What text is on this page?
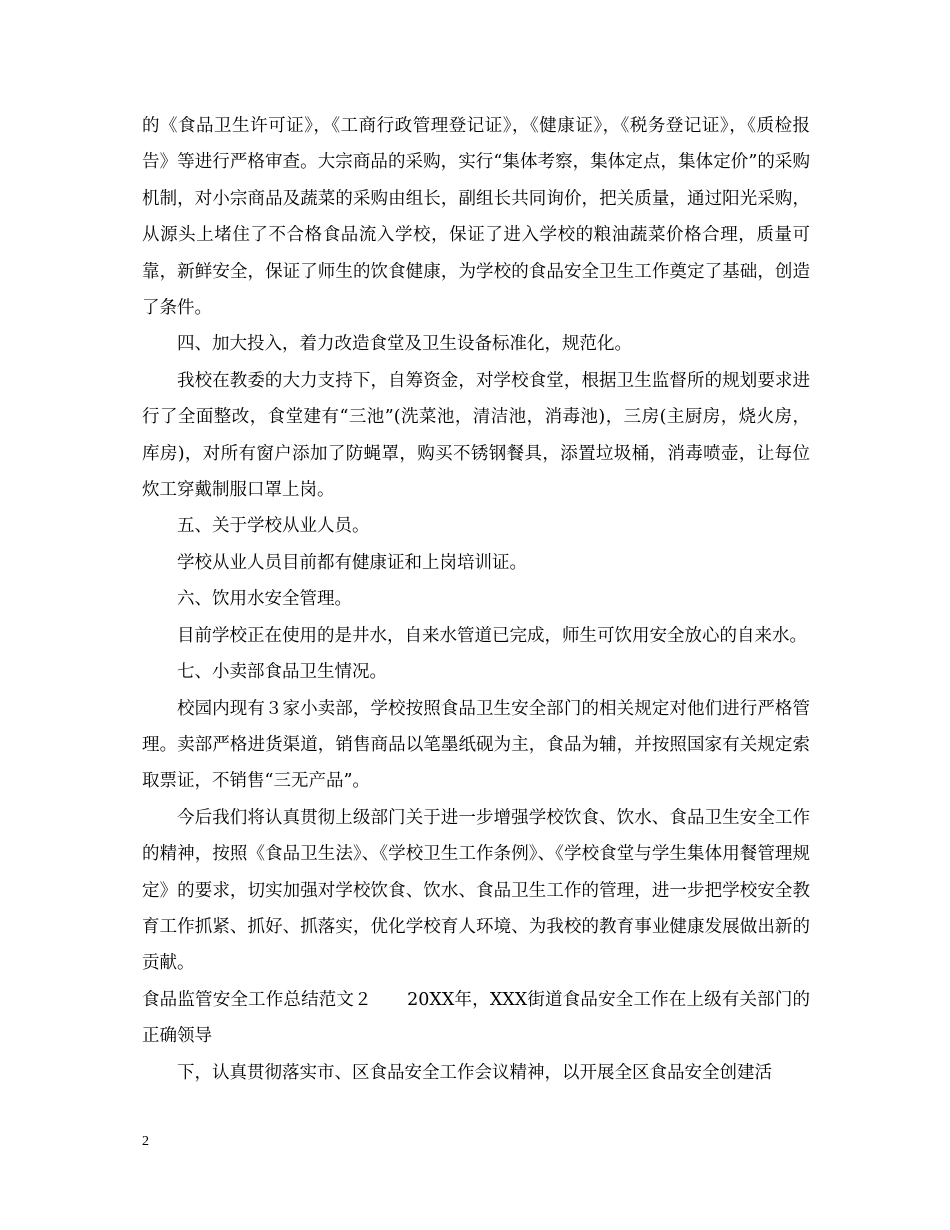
的《食品卫生许可证》，《工商行政管理登记证》，《健康证》，《税务登记证》，《质检报告》等进行严格审查。大宗商品的采购，实行“集体考察，集体定点，集体定价”的采购机制，对小宗商品及蔬菜的采购由组长，副组长共同询价，把关质量，通过阳光采购，从源头上堵住了不合格食品流入学校，保证了进入学校的粮油蔬菜价格合理，质量可靠，新鲜安全，保证了师生的饮食健康，为学校的食品安全卫生工作奠定了基础，创造了条件。

四、加大投入，着力改造食堂及卫生设备标准化，规范化。

我校在教委的大力支持下，自筹资金，对学校食堂，根据卫生监督所的规划要求进行了全面整改，食堂建有“三池”(洗菜池，清洁池，消毒池)，三房(主厨房，烧火房，库房)，对所有窗户添加了防蝇罩，购买不锈钢餐具，添置垃圾桶，消毒喷壶，让每位炊工穿戴制服口罩上岗。

五、关于学校从业人员。

学校从业人员目前都有健康证和上岗培训证。

六、饮用水安全管理。

目前学校正在使用的是井水，自来水管道已完成，师生可饮用安全放心的自来水。

七、小卖部食品卫生情况。

校园内现有３家小卖部，学校按照食品卫生安全部门的相关规定对他们进行严格管理。卖部严格进货渠道，销售商品以笔墨纸砚为主，食品为辅，并按照国家有关规定索取票证，不销售“三无产品”。

今后我们将认真贯彻上级部门关于进一步增强学校饮食、饮水、食品卫生安全工作的精神，按照《食品卫生法》、《学校卫生工作条例》、《学校食堂与学生集体用餐管理规定》的要求，切实加强对学校饮食、饮水、食品卫生工作的管理，进一步把学校安全教育工作抓紧、抓好、抓落实，优化学校育人环境、为我校的教育事业健康发展做出新的贡献。

食品监管安全工作总结范文２　　20XX年，XXX街道食品安全工作在上级有关部门的正确领导

下，认真贯彻落实市、区食品安全工作会议精神，以开展全区食品安全创建活

2
